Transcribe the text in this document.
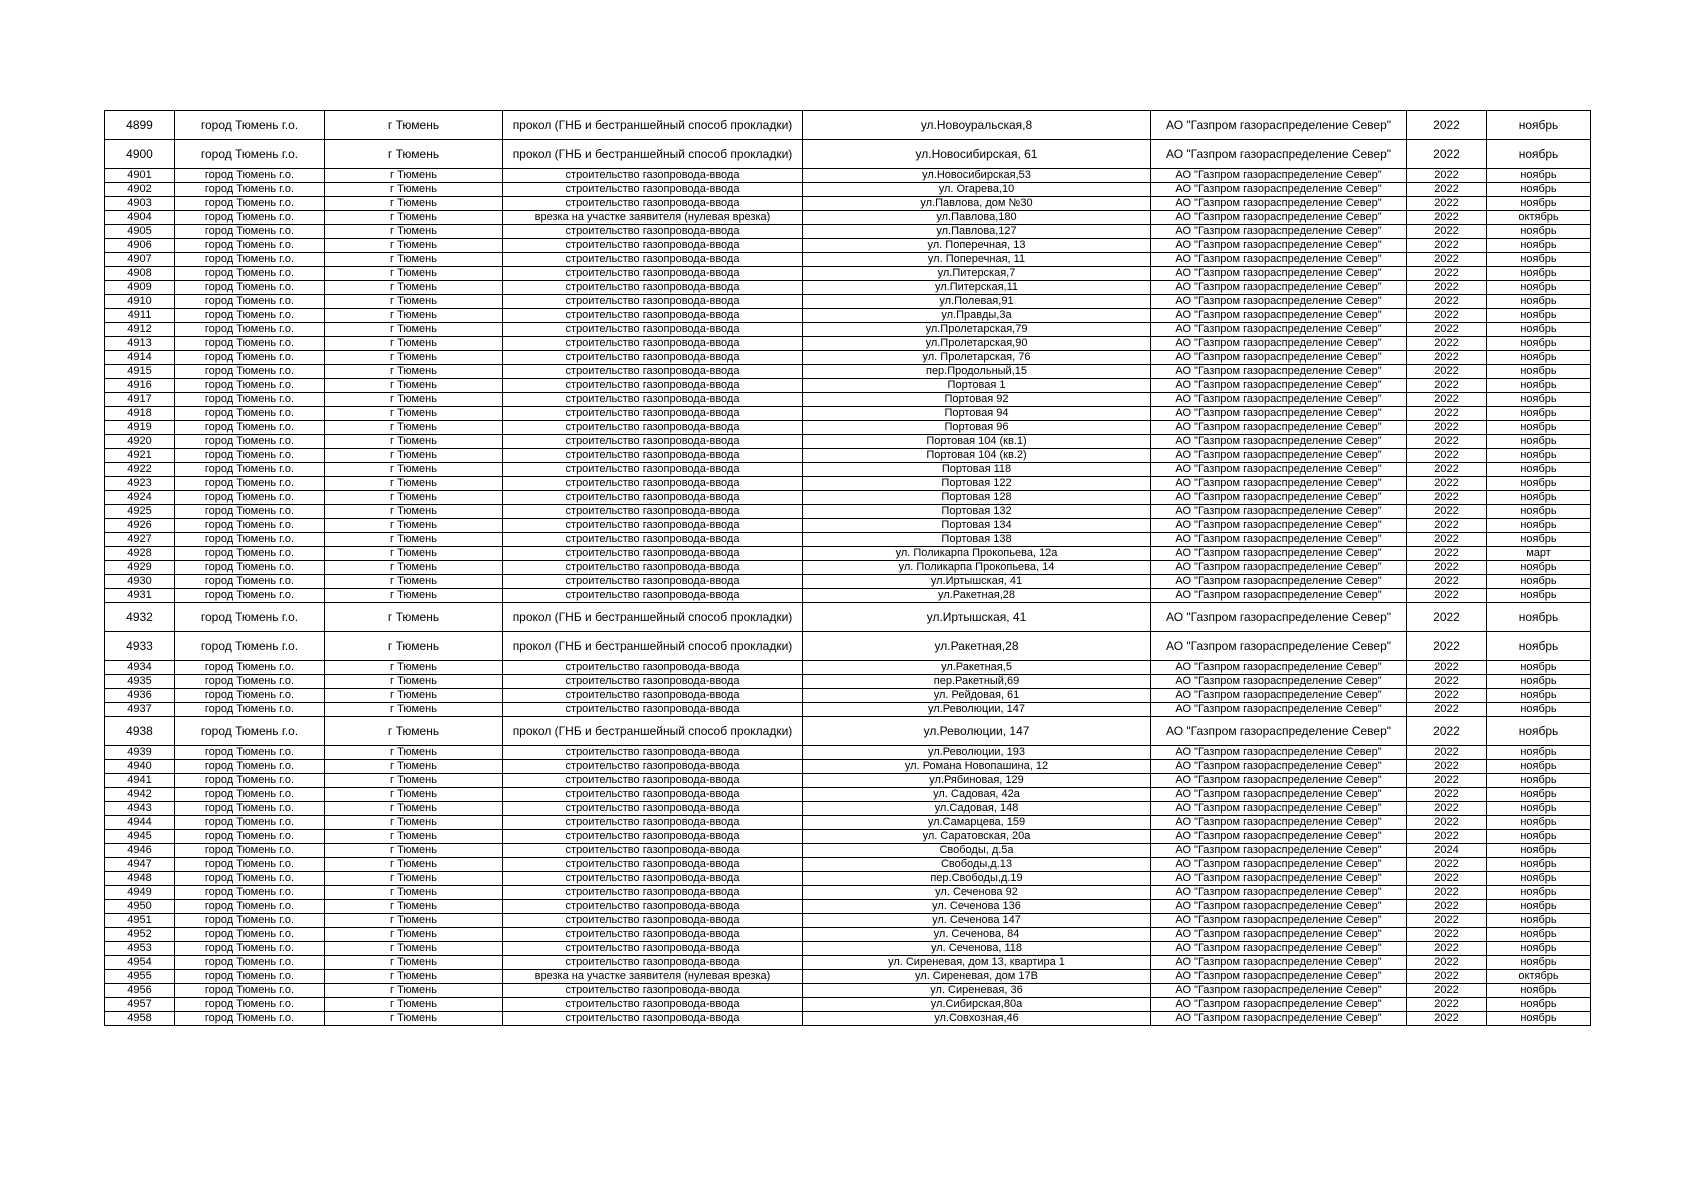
4899	город Тюмень г.о.	г Тюмень	прокол (ГНБ и бестраншейный способ прокладки)	ул.Новоуральская,8	АО "Газпром газораспределение Север"	2022	ноябрь
4900	город Тюмень г.о.	г Тюмень	прокол (ГНБ и бестраншейный способ прокладки)	ул.Новосибирская, 61	АО "Газпром газораспределение Север"	2022	ноябрь
4901	город Тюмень г.о.	г Тюмень	строительство газопровода-ввода	ул.Новосибирская,53	АО "Газпром газораспределение Север"	2022	ноябрь
4902	город Тюмень г.о.	г Тюмень	строительство газопровода-ввода	ул. Огарева,10	АО "Газпром газораспределение Север"	2022	ноябрь
4903	город Тюмень г.о.	г Тюмень	строительство газопровода-ввода	ул.Павлова, дом №30	АО "Газпром газораспределение Север"	2022	ноябрь
4904	город Тюмень г.о.	г Тюмень	врезка на участке заявителя (нулевая врезка)	ул.Павлова,180	АО "Газпром газораспределение Север"	2022	октябрь
4905	город Тюмень г.о.	г Тюмень	строительство газопровода-ввода	ул.Павлова,127	АО "Газпром газораспределение Север"	2022	ноябрь
4906	город Тюмень г.о.	г Тюмень	строительство газопровода-ввода	ул. Поперечная, 13	АО "Газпром газораспределение Север"	2022	ноябрь
4907	город Тюмень г.о.	г Тюмень	строительство газопровода-ввода	ул. Поперечная, 11	АО "Газпром газораспределение Север"	2022	ноябрь
4908	город Тюмень г.о.	г Тюмень	строительство газопровода-ввода	ул.Питерская,7	АО "Газпром газораспределение Север"	2022	ноябрь
4909	город Тюмень г.о.	г Тюмень	строительство газопровода-ввода	ул.Питерская,11	АО "Газпром газораспределение Север"	2022	ноябрь
4910	город Тюмень г.о.	г Тюмень	строительство газопровода-ввода	ул.Полевая,91	АО "Газпром газораспределение Север"	2022	ноябрь
4911	город Тюмень г.о.	г Тюмень	строительство газопровода-ввода	ул.Правды,3а	АО "Газпром газораспределение Север"	2022	ноябрь
4912	город Тюмень г.о.	г Тюмень	строительство газопровода-ввода	ул.Пролетарская,79	АО "Газпром газораспределение Север"	2022	ноябрь
4913	город Тюмень г.о.	г Тюмень	строительство газопровода-ввода	ул.Пролетарская,90	АО "Газпром газораспределение Север"	2022	ноябрь
4914	город Тюмень г.о.	г Тюмень	строительство газопровода-ввода	ул. Пролетарская, 76	АО "Газпром газораспределение Север"	2022	ноябрь
4915	город Тюмень г.о.	г Тюмень	строительство газопровода-ввода	пер.Продольный,15	АО "Газпром газораспределение Север"	2022	ноябрь
4916	город Тюмень г.о.	г Тюмень	строительство газопровода-ввода	Портовая 1	АО "Газпром газораспределение Север"	2022	ноябрь
4917	город Тюмень г.о.	г Тюмень	строительство газопровода-ввода	Портовая 92	АО "Газпром газораспределение Север"	2022	ноябрь
4918	город Тюмень г.о.	г Тюмень	строительство газопровода-ввода	Портовая 94	АО "Газпром газораспределение Север"	2022	ноябрь
4919	город Тюмень г.о.	г Тюмень	строительство газопровода-ввода	Портовая 96	АО "Газпром газораспределение Север"	2022	ноябрь
4920	город Тюмень г.о.	г Тюмень	строительство газопровода-ввода	Портовая 104 (кв.1)	АО "Газпром газораспределение Север"	2022	ноябрь
4921	город Тюмень г.о.	г Тюмень	строительство газопровода-ввода	Портовая 104 (кв.2)	АО "Газпром газораспределение Север"	2022	ноябрь
4922	город Тюмень г.о.	г Тюмень	строительство газопровода-ввода	Портовая 118	АО "Газпром газораспределение Север"	2022	ноябрь
4923	город Тюмень г.о.	г Тюмень	строительство газопровода-ввода	Портовая 122	АО "Газпром газораспределение Север"	2022	ноябрь
4924	город Тюмень г.о.	г Тюмень	строительство газопровода-ввода	Портовая 128	АО "Газпром газораспределение Север"	2022	ноябрь
4925	город Тюмень г.о.	г Тюмень	строительство газопровода-ввода	Портовая 132	АО "Газпром газораспределение Север"	2022	ноябрь
4926	город Тюмень г.о.	г Тюмень	строительство газопровода-ввода	Портовая 134	АО "Газпром газораспределение Север"	2022	ноябрь
4927	город Тюмень г.о.	г Тюмень	строительство газопровода-ввода	Портовая 138	АО "Газпром газораспределение Север"	2022	ноябрь
4928	город Тюмень г.о.	г Тюмень	строительство газопровода-ввода	ул. Поликарпа Прокопьева, 12а	АО "Газпром газораспределение Север"	2022	март
4929	город Тюмень г.о.	г Тюмень	строительство газопровода-ввода	ул. Поликарпа Прокопьева, 14	АО "Газпром газораспределение Север"	2022	ноябрь
4930	город Тюмень г.о.	г Тюмень	строительство газопровода-ввода	ул.Иртышская, 41	АО "Газпром газораспределение Север"	2022	ноябрь
4931	город Тюмень г.о.	г Тюмень	строительство газопровода-ввода	ул.Ракетная,28	АО "Газпром газораспределение Север"	2022	ноябрь
4932	город Тюмень г.о.	г Тюмень	прокол (ГНБ и бестраншейный способ прокладки)	ул.Иртышская, 41	АО "Газпром газораспределение Север"	2022	ноябрь
4933	город Тюмень г.о.	г Тюмень	прокол (ГНБ и бестраншейный способ прокладки)	ул.Ракетная,28	АО "Газпром газораспределение Север"	2022	ноябрь
4934	город Тюмень г.о.	г Тюмень	строительство газопровода-ввода	ул.Ракетная,5	АО "Газпром газораспределение Север"	2022	ноябрь
4935	город Тюмень г.о.	г Тюмень	строительство газопровода-ввода	пер.Ракетный,69	АО "Газпром газораспределение Север"	2022	ноябрь
4936	город Тюмень г.о.	г Тюмень	строительство газопровода-ввода	ул. Рейдовая, 61	АО "Газпром газораспределение Север"	2022	ноябрь
4937	город Тюмень г.о.	г Тюмень	строительство газопровода-ввода	ул.Революции, 147	АО "Газпром газораспределение Север"	2022	ноябрь
4938	город Тюмень г.о.	г Тюмень	прокол (ГНБ и бестраншейный способ прокладки)	ул.Революции, 147	АО "Газпром газораспределение Север"	2022	ноябрь
4939	город Тюмень г.о.	г Тюмень	строительство газопровода-ввода	ул.Революции, 193	АО "Газпром газораспределение Север"	2022	ноябрь
4940	город Тюмень г.о.	г Тюмень	строительство газопровода-ввода	ул. Романа Новопашина, 12	АО "Газпром газораспределение Север"	2022	ноябрь
4941	город Тюмень г.о.	г Тюмень	строительство газопровода-ввода	ул.Рябиновая, 129	АО "Газпром газораспределение Север"	2022	ноябрь
4942	город Тюмень г.о.	г Тюмень	строительство газопровода-ввода	ул. Садовая, 42а	АО "Газпром газораспределение Север"	2022	ноябрь
4943	город Тюмень г.о.	г Тюмень	строительство газопровода-ввода	ул.Садовая, 148	АО "Газпром газораспределение Север"	2022	ноябрь
4944	город Тюмень г.о.	г Тюмень	строительство газопровода-ввода	ул.Самарцева, 159	АО "Газпром газораспределение Север"	2022	ноябрь
4945	город Тюмень г.о.	г Тюмень	строительство газопровода-ввода	ул. Саратовская, 20а	АО "Газпром газораспределение Север"	2022	ноябрь
4946	город Тюмень г.о.	г Тюмень	строительство газопровода-ввода	Свободы, д.5а	АО "Газпром газораспределение Север"	2024	ноябрь
4947	город Тюмень г.о.	г Тюмень	строительство газопровода-ввода	Свободы,д.13	АО "Газпром газораспределение Север"	2022	ноябрь
4948	город Тюмень г.о.	г Тюмень	строительство газопровода-ввода	пер.Свободы,д.19	АО "Газпром газораспределение Север"	2022	ноябрь
4949	город Тюмень г.о.	г Тюмень	строительство газопровода-ввода	ул. Сеченова 92	АО "Газпром газораспределение Север"	2022	ноябрь
4950	город Тюмень г.о.	г Тюмень	строительство газопровода-ввода	ул. Сеченова 136	АО "Газпром газораспределение Север"	2022	ноябрь
4951	город Тюмень г.о.	г Тюмень	строительство газопровода-ввода	ул. Сеченова 147	АО "Газпром газораспределение Север"	2022	ноябрь
4952	город Тюмень г.о.	г Тюмень	строительство газопровода-ввода	ул. Сеченова, 84	АО "Газпром газораспределение Север"	2022	ноябрь
4953	город Тюмень г.о.	г Тюмень	строительство газопровода-ввода	ул. Сеченова, 118	АО "Газпром газораспределение Север"	2022	ноябрь
4954	город Тюмень г.о.	г Тюмень	строительство газопровода-ввода	ул. Сиреневая, дом 13, квартира 1	АО "Газпром газораспределение Север"	2022	ноябрь
4955	город Тюмень г.о.	г Тюмень	врезка на участке заявителя (нулевая врезка)	ул. Сиреневая, дом 17В	АО "Газпром газораспределение Север"	2022	октябрь
4956	город Тюмень г.о.	г Тюмень	строительство газопровода-ввода	ул. Сиреневая, 36	АО "Газпром газораспределение Север"	2022	ноябрь
4957	город Тюмень г.о.	г Тюмень	строительство газопровода-ввода	ул.Сибирская,80а	АО "Газпром газораспределение Север"	2022	ноябрь
4958	город Тюмень г.о.	г Тюмень	строительство газопровода-ввода	ул.Совхозная,46	АО "Газпром газораспределение Север"	2022	ноябрь
